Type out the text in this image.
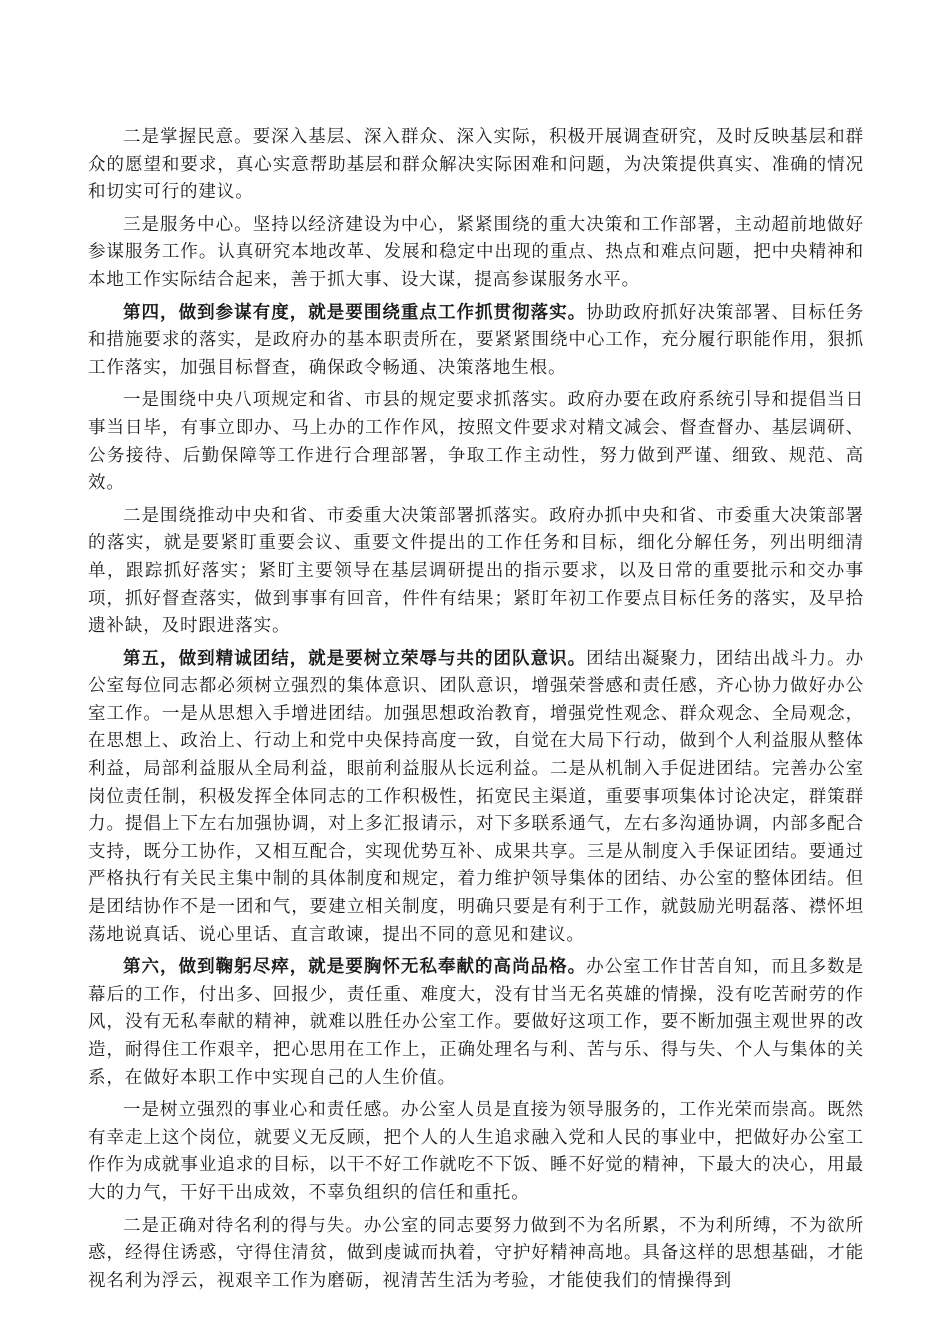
二是掌握民意。要深入基层、深入群众、深入实际，积极开展调查研究，及时反映基层和群众的愿望和要求，真心实意帮助基层和群众解决实际困难和问题，为决策提供真实、准确的情况和切实可行的建议。

三是服务中心。坚持以经济建设为中心，紧紧围绕的重大决策和工作部署，主动超前地做好参谋服务工作。认真研究本地改革、发展和稳定中出现的重点、热点和难点问题，把中央精神和本地工作实际结合起来，善于抓大事、设大谋，提高参谋服务水平。

第四，做到参谋有度，就是要围绕重点工作抓贯彻落实。协助政府抓好决策部署、目标任务和措施要求的落实，是政府办的基本职责所在，要紧紧围绕中心工作，充分履行职能作用，狠抓工作落实，加强目标督查，确保政令畅通、决策落地生根。

一是围绕中央八项规定和省、市县的规定要求抓落实。政府办要在政府系统引导和提倡当日事当日毕，有事立即办、马上办的工作作风，按照文件要求对精文减会、督查督办、基层调研、公务接待、后勤保障等工作进行合理部署，争取工作主动性，努力做到严谨、细致、规范、高效。

二是围绕推动中央和省、市委重大决策部署抓落实。政府办抓中央和省、市委重大决策部署的落实，就是要紧盯重要会议、重要文件提出的工作任务和目标，细化分解任务，列出明细清单，跟踪抓好落实；紧盯主要领导在基层调研提出的指示要求，以及日常的重要批示和交办事项，抓好督查落实，做到事事有回音，件件有结果；紧盯年初工作要点目标任务的落实，及早拾遗补缺，及时跟进落实。

第五，做到精诚团结，就是要树立荣辱与共的团队意识。团结出凝聚力，团结出战斗力。办公室每位同志都必须树立强烈的集体意识、团队意识，增强荣誉感和责任感，齐心协力做好办公室工作。一是从思想入手增进团结。加强思想政治教育，增强党性观念、群众观念、全局观念，在思想上、政治上、行动上和党中央保持高度一致，自觉在大局下行动，做到个人利益服从整体利益，局部利益服从全局利益，眼前利益服从长远利益。二是从机制入手促进团结。完善办公室岗位责任制，积极发挥全体同志的工作积极性，拓宽民主渠道，重要事项集体讨论决定，群策群力。提倡上下左右加强协调，对上多汇报请示，对下多联系通气，左右多沟通协调，内部多配合支持，既分工协作，又相互配合，实现优势互补、成果共享。三是从制度入手保证团结。要通过严格执行有关民主集中制的具体制度和规定，着力维护领导集体的团结、办公室的整体团结。但是团结协作不是一团和气，要建立相关制度，明确只要是有利于工作，就鼓励光明磊落、襟怀坦荡地说真话、说心里话、直言敢谏，提出不同的意见和建议。

第六，做到鞠躬尽瘁，就是要胸怀无私奉献的高尚品格。办公室工作甘苦自知，而且多数是幕后的工作，付出多、回报少，责任重、难度大，没有甘当无名英雄的情操，没有吃苦耐劳的作风，没有无私奉献的精神，就难以胜任办公室工作。要做好这项工作，要不断加强主观世界的改造，耐得住工作艰辛，把心思用在工作上，正确处理名与利、苦与乐、得与失、个人与集体的关系，在做好本职工作中实现自己的人生价值。

一是树立强烈的事业心和责任感。办公室人员是直接为领导服务的，工作光荣而崇高。既然有幸走上这个岗位，就要义无反顾，把个人的人生追求融入党和人民的事业中，把做好办公室工作作为成就事业追求的目标，以干不好工作就吃不下饭、睡不好觉的精神，下最大的决心，用最大的力气，干好干出成效，不辜负组织的信任和重托。

二是正确对待名利的得与失。办公室的同志要努力做到不为名所累，不为利所缚，不为欲所惑，经得住诱惑，守得住清贫，做到虔诚而执着，守护好精神高地。具备这样的思想基础，才能视名利为浮云，视艰辛工作为磨砺，视清苦生活为考验，才能使我们的情操得到
